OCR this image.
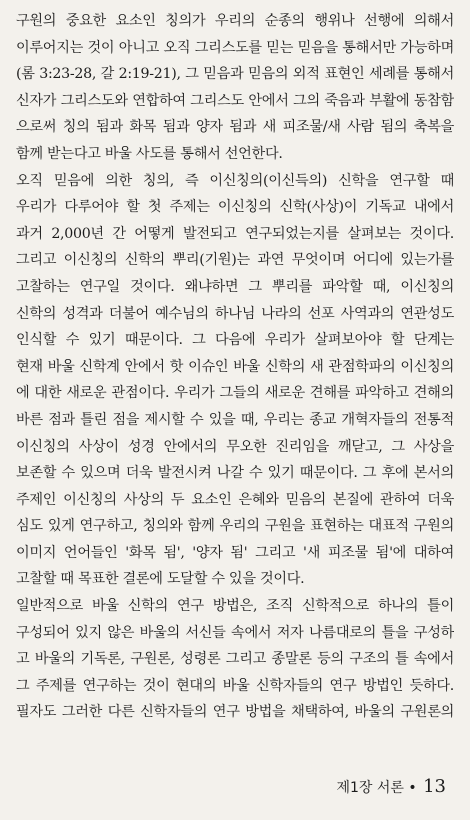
구원의 중요한 요소인 칭의가 우리의 순종의 행위나 선행에 의해서
이루어지는 것이 아니고 오직 그리스도를 믿는 믿음을 통해서만 가능하며
(롬 3:23-28, 갈 2:19-21), 그 믿음과 믿음의 외적 표현인 세례를 통해서
신자가 그리스도와 연합하여 그리스도 안에서 그의 죽음과 부활에 동참함
으로써 칭의 됨과 화목 됨과 양자 됨과 새 피조물/새 사람 됨의 축복을
함께 받는다고 바울 사도를 통해서 선언한다.
오직 믿음에 의한 칭의, 즉 이신칭의(이신득의) 신학을 연구할 때
우리가 다루어야 할 첫 주제는 이신칭의 신학(사상)이 기독교 내에서
과거 2,000년 간 어떻게 발전되고 연구되었는지를 살펴보는 것이다.
그리고 이신칭의 신학의 뿌리(기원)는 과연 무엇이며 어디에 있는가를
고찰하는 연구일 것이다. 왜냐하면 그 뿌리를 파악할 때, 이신칭의
신학의 성격과 더불어 예수님의 하나님 나라의 선포 사역과의 연관성도
인식할 수 있기 때문이다. 그 다음에 우리가 살펴보아야 할 단계는
현재 바울 신학계 안에서 핫 이슈인 바울 신학의 새 관점학파의 이신칭의
에 대한 새로운 관점이다. 우리가 그들의 새로운 견해를 파악하고 견해의
바른 점과 틀린 점을 제시할 수 있을 때, 우리는 종교 개혁자들의 전통적
이신칭의 사상이 성경 안에서의 무오한 진리임을 깨닫고, 그 사상을
보존할 수 있으며 더욱 발전시켜 나갈 수 있기 때문이다. 그 후에 본서의
주제인 이신칭의 사상의 두 요소인 은혜와 믿음의 본질에 관하여 더욱
심도 있게 연구하고, 칭의와 함께 우리의 구원을 표현하는 대표적 구원의
이미지 언어들인 '화목 됨', '양자 됨' 그리고 '새 피조물 됨'에 대하여
고찰할 때 목표한 결론에 도달할 수 있을 것이다.
일반적으로 바울 신학의 연구 방법은, 조직 신학적으로 하나의 틀이
구성되어 있지 않은 바울의 서신들 속에서 저자 나름대로의 틀을 구성하
고 바울의 기독론, 구원론, 성령론 그리고 종말론 등의 구조의 틀 속에서
그 주제를 연구하는 것이 현대의 바울 신학자들의 연구 방법인 듯하다.
필자도 그러한 다른 신학자들의 연구 방법을 채택하여, 바울의 구원론의
제1장 서론 • 13
